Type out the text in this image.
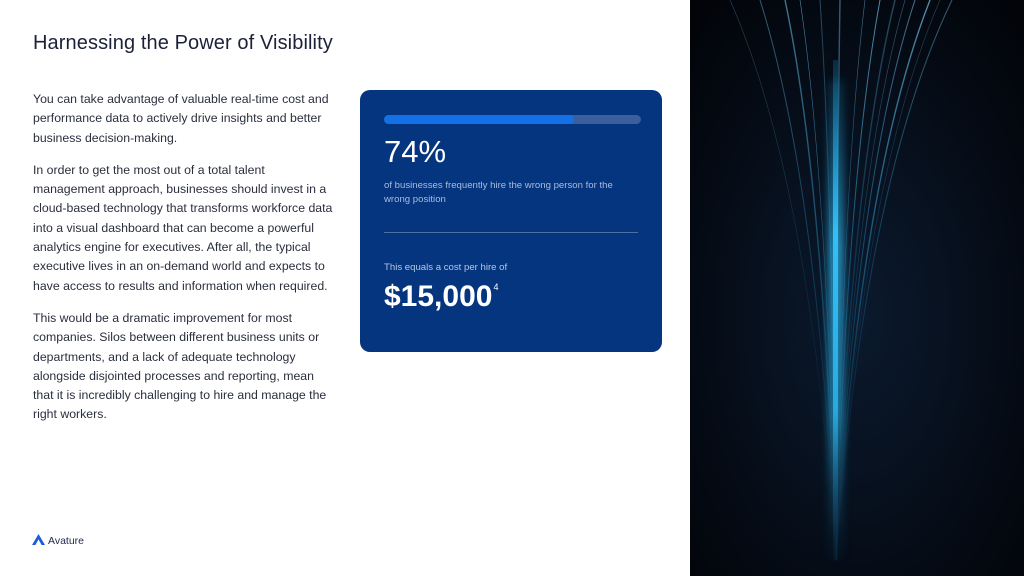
Harnessing the Power of Visibility

You can take advantage of valuable real-time cost and performance data to actively drive insights and better business decision-making.

In order to get the most out of a total talent management approach, businesses should invest in a cloud-based technology that transforms workforce data into a visual dashboard that can become a powerful analytics engine for executives. After all, the typical executive lives in an on-demand world and expects to have access to results and information when required.

This would be a dramatic improvement for most companies. Silos between different business units or departments, and a lack of adequate technology alongside disjointed processes and reporting, mean that it is incredibly challenging to hire and manage the right workers.

74%
of businesses frequently hire the wrong person for the wrong position
This equals a cost per hire of
$15,000$^4$
Avature
